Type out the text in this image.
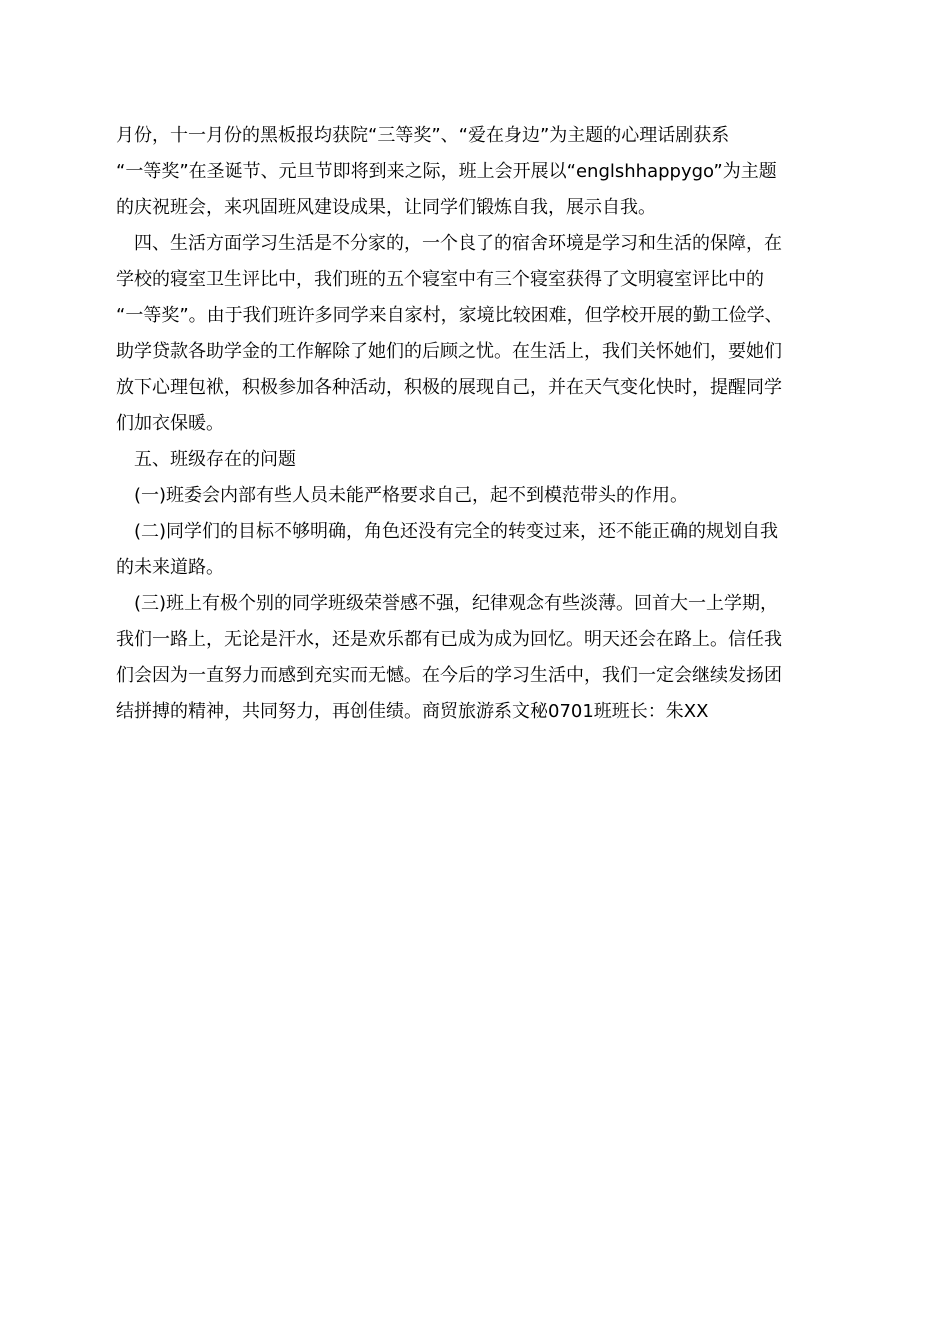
月份，十一月份的黑板报均获院“三等奖”、“爱在身边”为主题的心理话剧获系
“一等奖”在圣诞节、元旦节即将到来之际，班上会开展以“englshhappygo”为主题
的庆祝班会，来巩固班风建设成果，让同学们锻炼自我，展示自我。
四、生活方面学习生活是不分家的，一个良了的宿舍环境是学习和生活的保障，在
学校的寝室卫生评比中，我们班的五个寝室中有三个寝室获得了文明寝室评比中的
“一等奖”。由于我们班许多同学来自家村，家境比较困难，但学校开展的勤工俭学、
助学贷款各助学金的工作解除了她们的后顾之忧。在生活上，我们关怀她们，要她们
放下心理包袱，积极参加各种活动，积极的展现自己，并在天气变化快时，提醒同学
们加衣保暖。
五、班级存在的问题
(一)班委会内部有些人员未能严格要求自己，起不到模范带头的作用。
(二)同学们的目标不够明确，角色还没有完全的转变过来，还不能正确的规划自我
的未来道路。
(三)班上有极个别的同学班级荣誉感不强，纪律观念有些淡薄。回首大一上学期，
我们一路上，无论是汗水，还是欢乐都有已成为成为回忆。明天还会在路上。信任我
们会因为一直努力而感到充实而无憾。在今后的学习生活中，我们一定会继续发扬团
结拼搏的精神，共同努力，再创佳绩。商贸旅游系文秘0701班班长：朱XX
